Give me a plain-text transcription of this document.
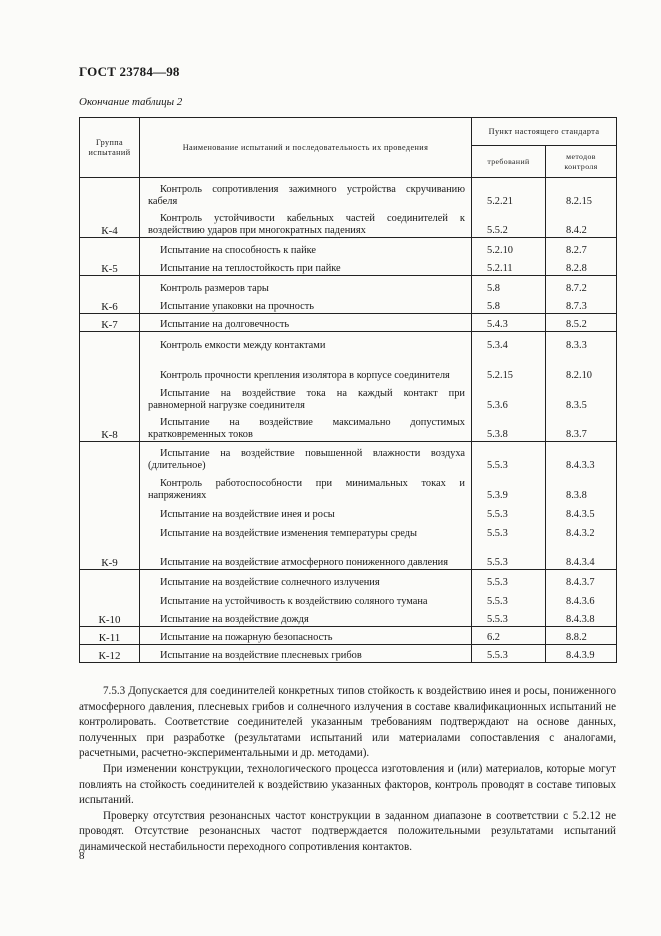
ГОСТ 23784—98
Окончание таблицы 2
Группа испытаний	Наименование испытаний и последовательность их проведения	Пункт настоящего стандарта	
		требований	методов контроля
К-4	Контроль сопротивления зажимного устройства скручиванию кабеля	5.2.21	8.2.15
	Контроль устойчивости кабельных частей соединителей к воздействию ударов при многократных падениях	5.5.2	8.4.2
К-5	Испытание на способность к пайке	5.2.10	8.2.7
	Испытание на теплостойкость при пайке	5.2.11	8.2.8
К-6	Контроль размеров тары	5.8	8.7.2
	Испытание упаковки на прочность	5.8	8.7.3
К-7	Испытание на долговечность	5.4.3	8.5.2
К-8	Контроль емкости между контактами	5.3.4	8.3.3
	Контроль прочности крепления изолятора в корпусе соединителя	5.2.15	8.2.10
	Испытание на воздействие тока на каждый контакт при равномерной нагрузке соединителя	5.3.6	8.3.5
	Испытание на воздействие максимально допустимых кратковременных токов	5.3.8	8.3.7
К-9	Испытание на воздействие повышенной влажности воздуха (длительное)	5.5.3	8.4.3.3
	Контроль работоспособности при минимальных токах и напряжениях	5.3.9	8.3.8
	Испытание на воздействие инея и росы	5.5.3	8.4.3.5
	Испытание на воздействие изменения температуры среды	5.5.3	8.4.3.2
	Испытание на воздействие атмосферного пониженного давления	5.5.3	8.4.3.4
К-10	Испытание на воздействие солнечного излучения	5.5.3	8.4.3.7
	Испытание на устойчивость к воздействию соляного тумана	5.5.3	8.4.3.6
	Испытание на воздействие дождя	5.5.3	8.4.3.8
К-11	Испытание на пожарную безопасность	6.2	8.8.2
К-12	Испытание на воздействие плесневых грибов	5.5.3	8.4.3.9

7.5.3 Допускается для соединителей конкретных типов стойкость к воздействию инея и росы, пониженного атмосферного давления, плесневых грибов и солнечного излучения в составе квалификационных испытаний не контролировать. Соответствие соединителей указанным требованиям подтверждают на основе данных, полученных при разработке (результатами испытаний или материалами сопоставления с аналогами, расчетными, расчетно-экспериментальными и др. методами).

При изменении конструкции, технологического процесса изготовления и (или) материалов, которые могут повлиять на стойкость соединителей к воздействию указанных факторов, контроль проводят в составе типовых испытаний.

Проверку отсутствия резонансных частот конструкции в заданном диапазоне в соответствии с 5.2.12 не проводят. Отсутствие резонансных частот подтверждается положительными результатами испытаний динамической нестабильности переходного сопротивления контактов.

8
